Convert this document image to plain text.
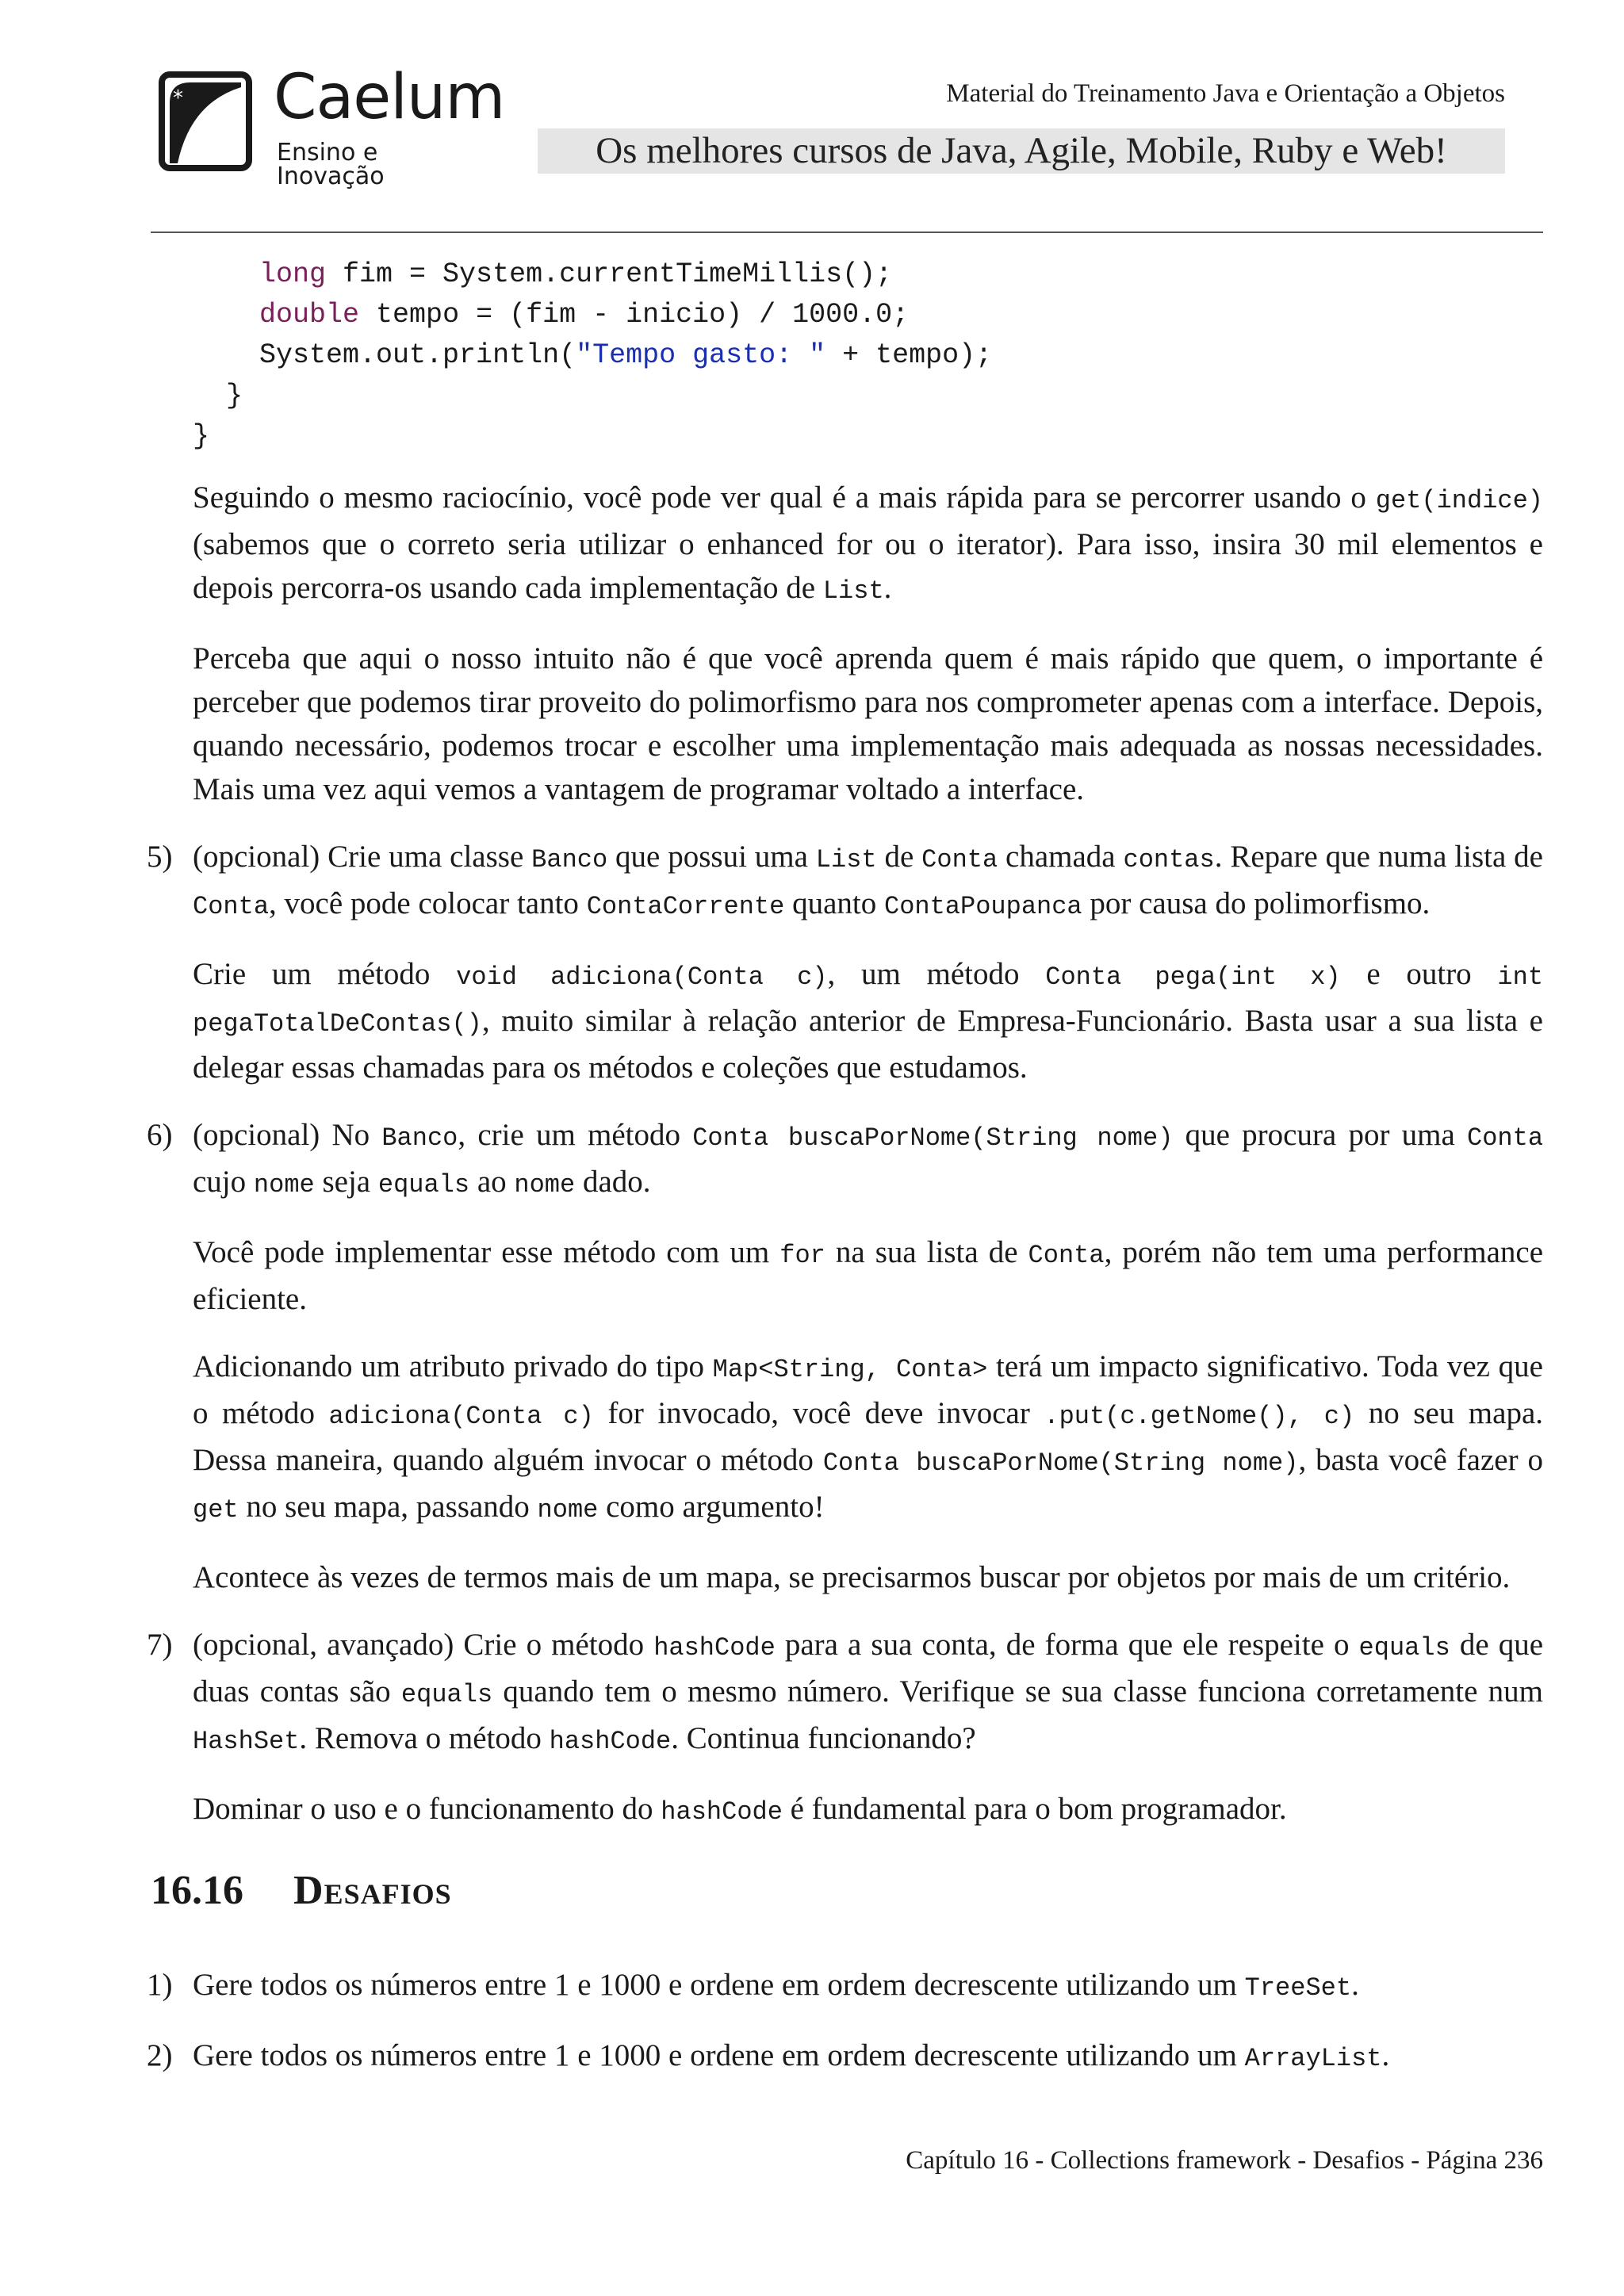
* Caelum
Ensino e Inovação
Material do Treinamento Java e Orientação a Objetos
Os melhores cursos de Java, Agile, Mobile, Ruby e Web!
long fim = System.currentTimeMillis();
double tempo = (fim - inicio) / 1000.0;
System.out.println("Tempo gasto: " + tempo);
}
}

Seguindo o mesmo raciocínio, você pode ver qual é a mais rápida para se percorrer usando o get(indice) (sabemos que o correto seria utilizar o enhanced for ou o iterator). Para isso, insira 30 mil elementos e depois percorra-os usando cada implementação de List.

Perceba que aqui o nosso intuito não é que você aprenda quem é mais rápido que quem, o importante é perceber que podemos tirar proveito do polimorfismo para nos comprometer apenas com a interface. Depois, quando necessário, podemos trocar e escolher uma implementação mais adequada as nossas necessidades. Mais uma vez aqui vemos a vantagem de programar voltado a interface.

5) (opcional) Crie uma classe Banco que possui uma List de Conta chamada contas. Repare que numa lista de Conta, você pode colocar tanto ContaCorrente quanto ContaPoupanca por causa do polimorfismo.

Crie um método void adiciona(Conta c), um método Conta pega(int x) e outro int pegaTotalDeContas(), muito similar à relação anterior de Empresa-Funcionário. Basta usar a sua lista e delegar essas chamadas para os métodos e coleções que estudamos.

6) (opcional) No Banco, crie um método Conta buscaPorNome(String nome) que procura por uma Conta cujo nome seja equals ao nome dado.

Você pode implementar esse método com um for na sua lista de Conta, porém não tem uma performance eficiente.

Adicionando um atributo privado do tipo Map<String, Conta> terá um impacto significativo. Toda vez que o método adiciona(Conta c) for invocado, você deve invocar .put(c.getNome(), c) no seu mapa. Dessa maneira, quando alguém invocar o método Conta buscaPorNome(String nome), basta você fazer o get no seu mapa, passando nome como argumento!

Acontece às vezes de termos mais de um mapa, se precisarmos buscar por objetos por mais de um critério.

7) (opcional, avançado) Crie o método hashCode para a sua conta, de forma que ele respeite o equals de que duas contas são equals quando tem o mesmo número. Verifique se sua classe funciona corretamente num HashSet. Remova o método hashCode. Continua funcionando?

Dominar o uso e o funcionamento do hashCode é fundamental para o bom programador.

16.16 Desafios
1) Gere todos os números entre 1 e 1000 e ordene em ordem decrescente utilizando um TreeSet.

2) Gere todos os números entre 1 e 1000 e ordene em ordem decrescente utilizando um ArrayList.

Capítulo 16 - Collections framework - Desafios - Página 236
